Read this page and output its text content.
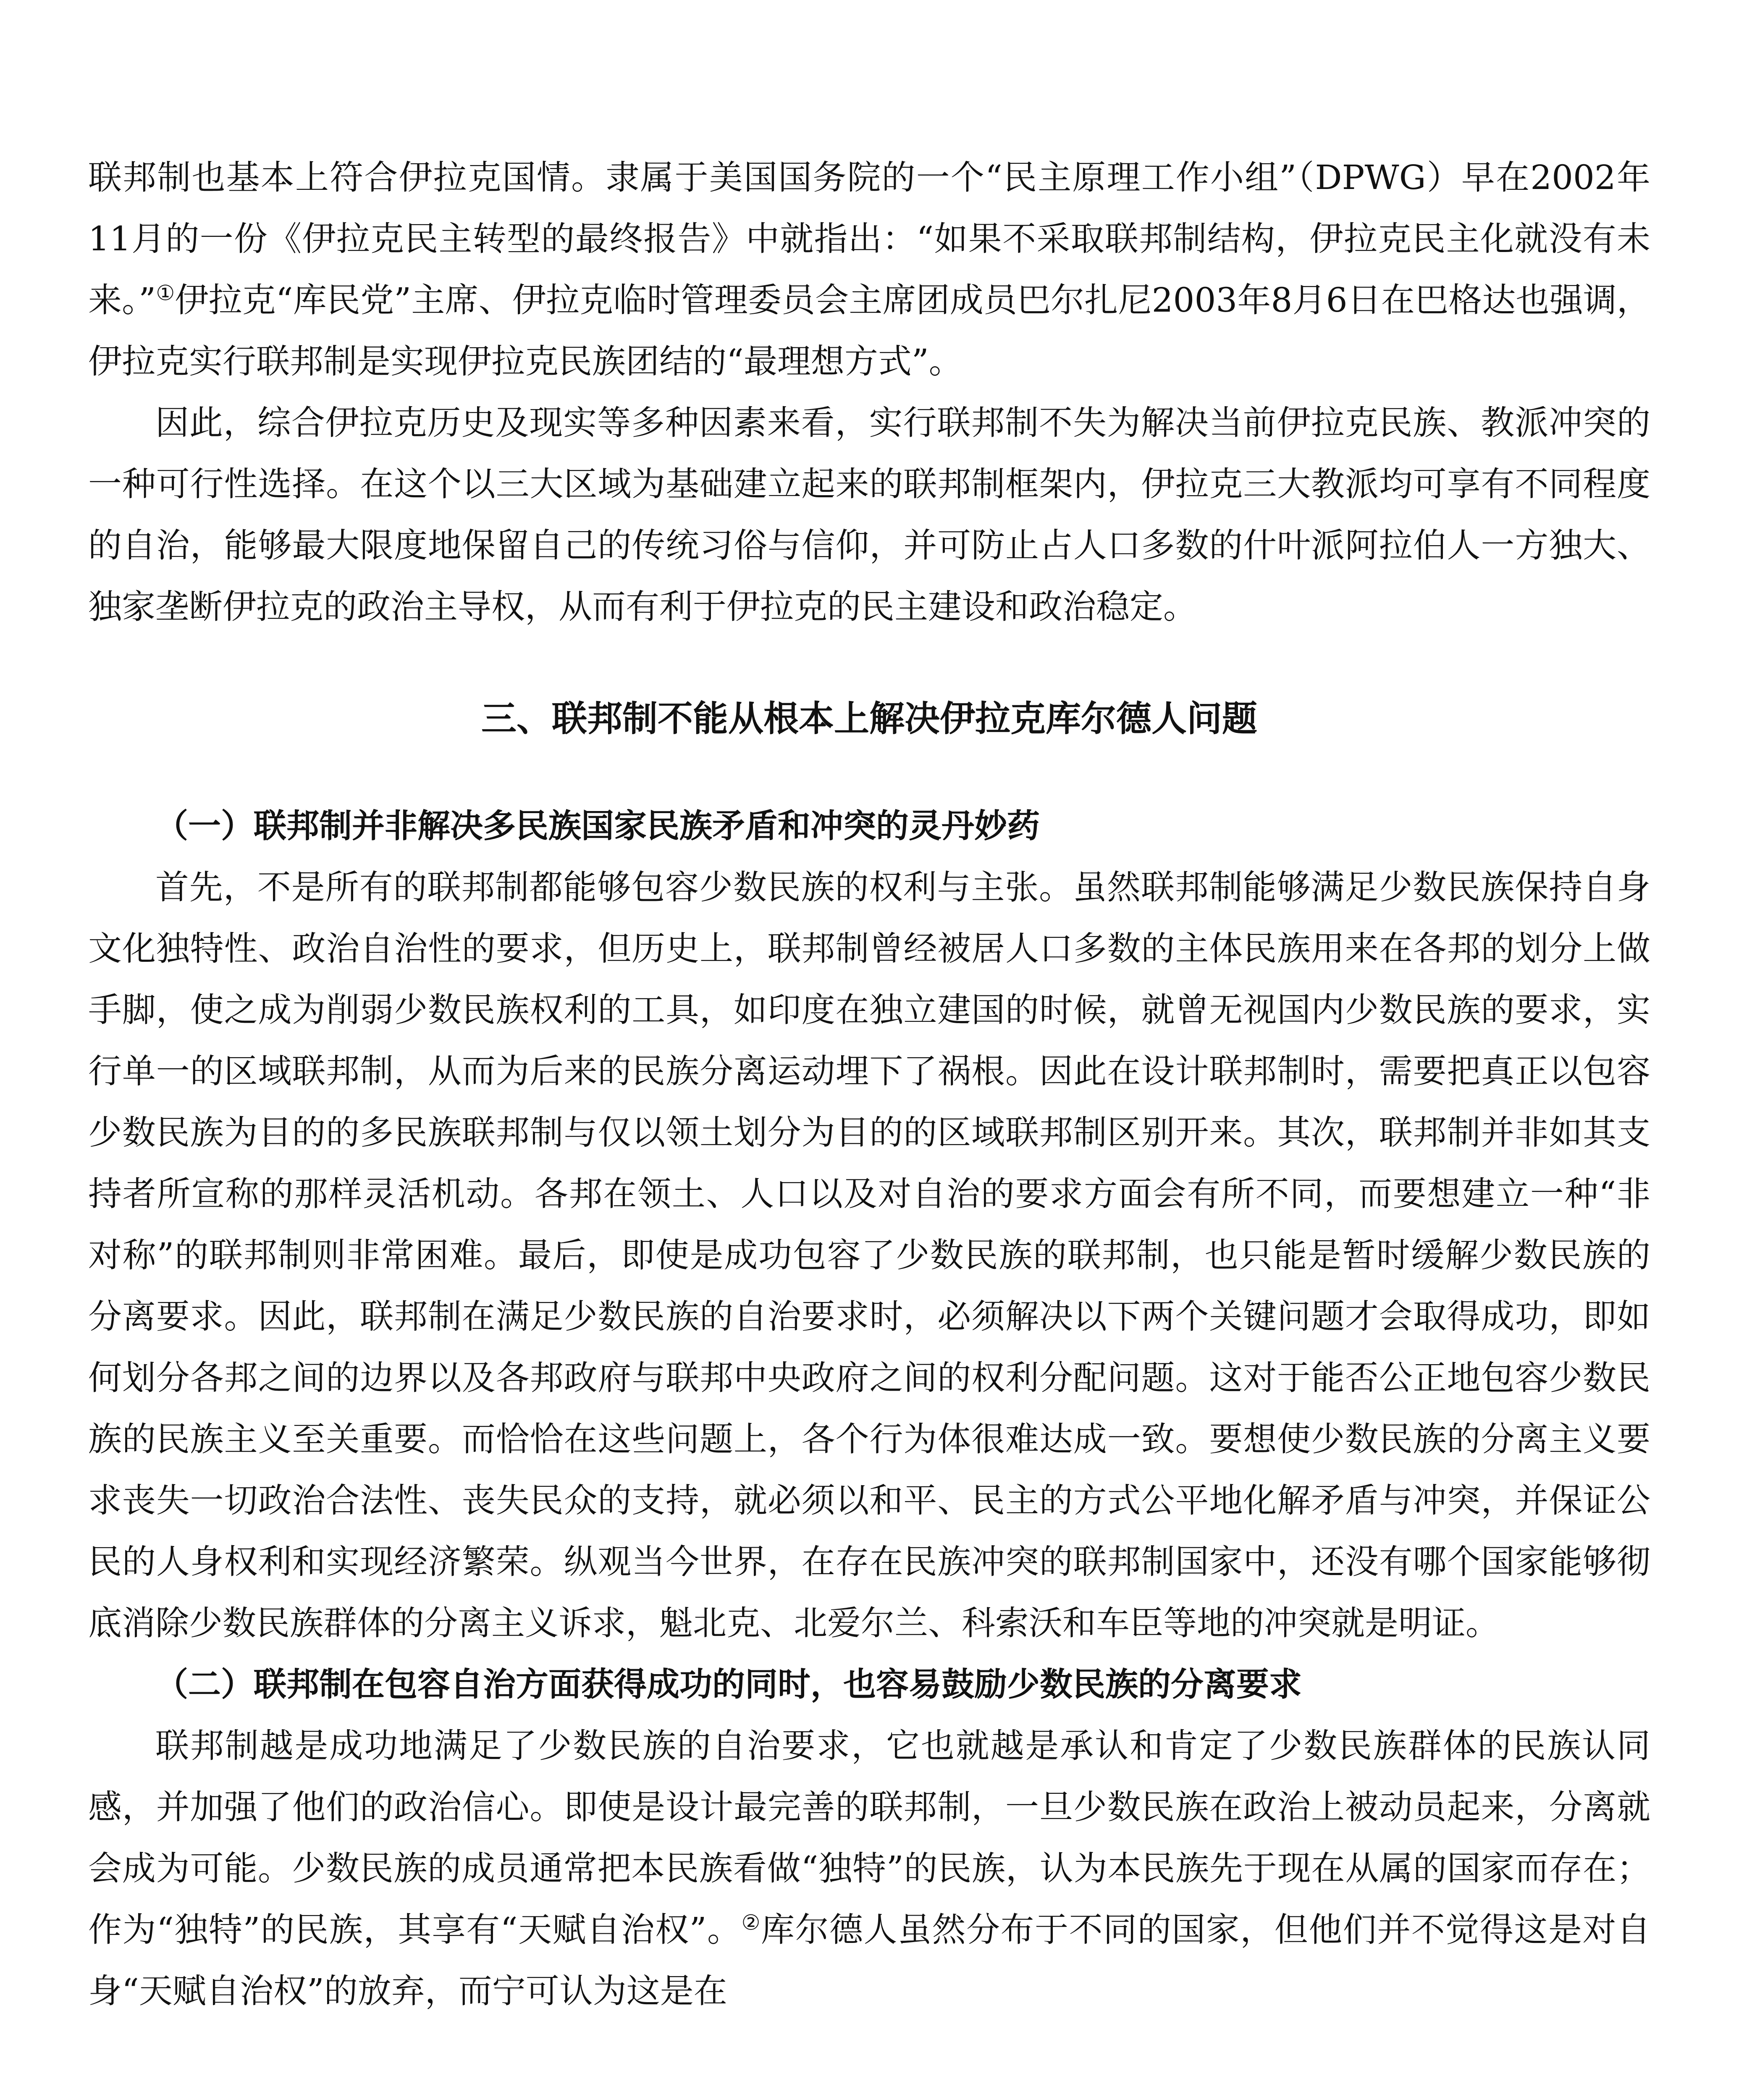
联邦制也基本上符合伊拉克国情。隶属于美国国务院的一个“民主原理工作小组”（DPWG）早在2002年11月的一份《伊拉克民主转型的最终报告》中就指出：“如果不采取联邦制结构，伊拉克民主化就没有未来。”①伊拉克“库民党”主席、伊拉克临时管理委员会主席团成员巴尔扎尼2003年8月6日在巴格达也强调，伊拉克实行联邦制是实现伊拉克民族团结的“最理想方式”。

因此，综合伊拉克历史及现实等多种因素来看，实行联邦制不失为解决当前伊拉克民族、教派冲突的一种可行性选择。在这个以三大区域为基础建立起来的联邦制框架内，伊拉克三大教派均可享有不同程度的自治，能够最大限度地保留自己的传统习俗与信仰，并可防止占人口多数的什叶派阿拉伯人一方独大、独家垄断伊拉克的政治主导权，从而有利于伊拉克的民主建设和政治稳定。

三、联邦制不能从根本上解决伊拉克库尔德人问题
（一）联邦制并非解决多民族国家民族矛盾和冲突的灵丹妙药

首先，不是所有的联邦制都能够包容少数民族的权利与主张。虽然联邦制能够满足少数民族保持自身文化独特性、政治自治性的要求，但历史上，联邦制曾经被居人口多数的主体民族用来在各邦的划分上做手脚，使之成为削弱少数民族权利的工具，如印度在独立建国的时候，就曾无视国内少数民族的要求，实行单一的区域联邦制，从而为后来的民族分离运动埋下了祸根。因此在设计联邦制时，需要把真正以包容少数民族为目的的多民族联邦制与仅以领土划分为目的的区域联邦制区别开来。其次，联邦制并非如其支持者所宣称的那样灵活机动。各邦在领土、人口以及对自治的要求方面会有所不同，而要想建立一种“非对称”的联邦制则非常困难。最后，即使是成功包容了少数民族的联邦制，也只能是暂时缓解少数民族的分离要求。因此，联邦制在满足少数民族的自治要求时，必须解决以下两个关键问题才会取得成功，即如何划分各邦之间的边界以及各邦政府与联邦中央政府之间的权利分配问题。这对于能否公正地包容少数民族的民族主义至关重要。而恰恰在这些问题上，各个行为体很难达成一致。要想使少数民族的分离主义要求丧失一切政治合法性、丧失民众的支持，就必须以和平、民主的方式公平地化解矛盾与冲突，并保证公民的人身权利和实现经济繁荣。纵观当今世界，在存在民族冲突的联邦制国家中，还没有哪个国家能够彻底消除少数民族群体的分离主义诉求，魁北克、北爱尔兰、科索沃和车臣等地的冲突就是明证。

（二）联邦制在包容自治方面获得成功的同时，也容易鼓励少数民族的分离要求

联邦制越是成功地满足了少数民族的自治要求，它也就越是承认和肯定了少数民族群体的民族认同感，并加强了他们的政治信心。即使是设计最完善的联邦制，一旦少数民族在政治上被动员起来，分离就会成为可能。少数民族的成员通常把本民族看做“独特”的民族，认为本民族先于现在从属的国家而存在；作为“独特”的民族，其享有“天赋自治权”。②库尔德人虽然分布于不同的国家，但他们并不觉得这是对自身“天赋自治权”的放弃，而宁可认为这是在
